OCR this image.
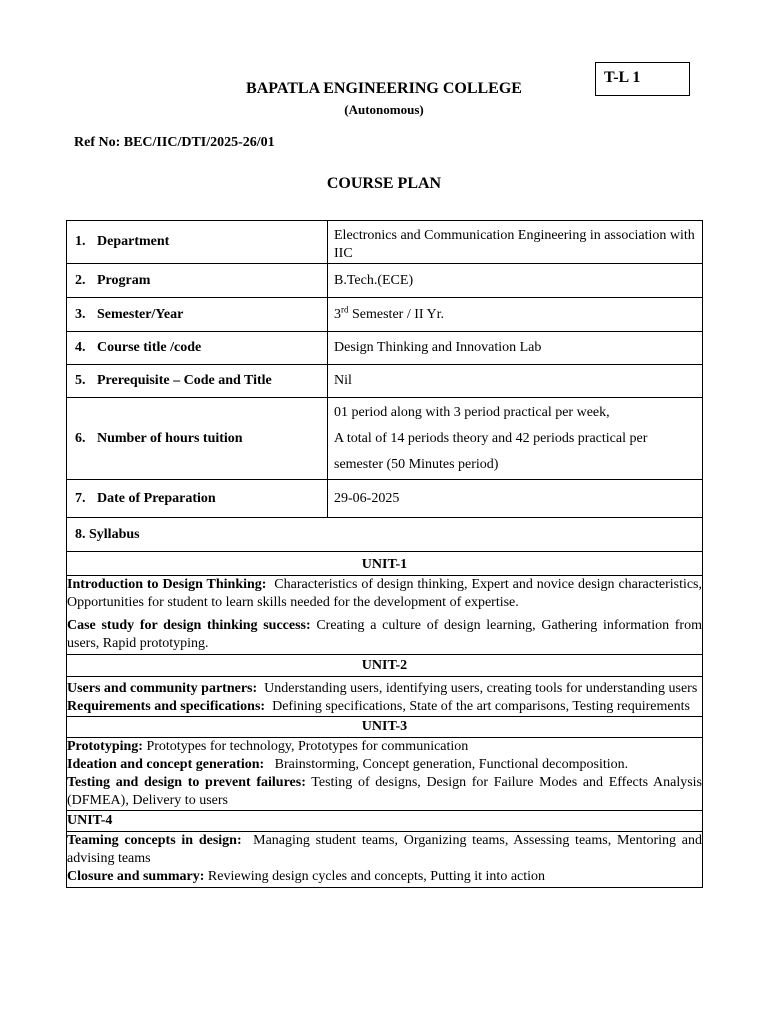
T-L 1
BAPATLA ENGINEERING COLLEGE
(Autonomous)
Ref No: BEC/IIC/DTI/2025-26/01
COURSE PLAN
1. Department	Electronics and Communication Engineering in association with IIC
2. Program	B.Tech.(ECE)
3. Semester/Year	3rd Semester / II Yr.
4. Course title /code	Design Thinking and Innovation Lab
5. Prerequisite – Code and Title	Nil
6. Number of hours tuition	01 period along with 3 period practical per week,
A total of 14 periods theory and 42 periods practical per
semester (50 Minutes period)

7. Date of Preparation	29-06-2025
8. Syllabus	
UNIT-1	

Introduction to Design Thinking: Characteristics of design thinking, Expert and novice design characteristics, Opportunities for student to learn skills needed for the development of expertise.

Case study for design thinking success: Creating a culture of design learning, Gathering information from users, Rapid prototyping.	

UNIT-2	

Users and community partners: Understanding users, identifying users, creating tools for understanding users

Requirements and specifications: Defining specifications, State of the art comparisons, Testing requirements	

UNIT-3	

Prototyping: Prototypes for technology, Prototypes for communication

Ideation and concept generation: Brainstorming, Concept generation, Functional decomposition.

Testing and design to prevent failures: Testing of designs, Design for Failure Modes and Effects Analysis (DFMEA), Delivery to users	

UNIT-4	

Teaming concepts in design: Managing student teams, Organizing teams, Assessing teams, Mentoring and advising teams

Closure and summary: Reviewing design cycles and concepts, Putting it into action	
